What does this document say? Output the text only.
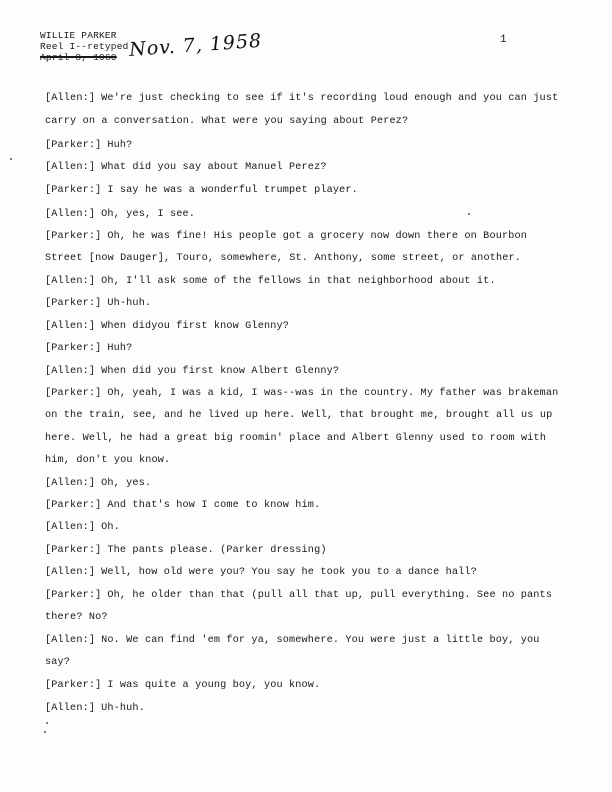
WILLIE PARKER
Reel I--retyped
April 8, 1960 Nov. 7, 1958	1
[Allen:] We're just checking to see if it's recording loud enough and you can just
carry on a conversation. What were you saying about Perez?
[Parker:] Huh?
[Allen:] What did you say about Manuel Perez?
[Parker:] I say he was a wonderful trumpet player.
[Allen:] Oh, yes, I see.
[Parker:] Oh, he was fine! His people got a grocery now down there on Bourbon
Street [now Dauger], Touro, somewhere, St. Anthony, some street, or another.
[Allen:] Oh, I'll ask some of the fellows in that neighborhood about it.
[Parker:] Uh-huh.
[Allen:] When didyou first know Glenny?
[Parker:] Huh?
[Allen:] When did you first know Albert Glenny?
[Parker:] Oh, yeah, I was a kid, I was--was in the country. My father was brakeman
on the train, see, and he lived up here. Well, that brought me, brought all us up
here. Well, he had a great big roomin' place and Albert Glenny used to room with
him, don't you know.
[Allen:] Oh, yes.
[Parker:] And that's how I come to know him.
[Allen:] Oh.
[Parker:] The pants please. (Parker dressing)
[Allen:] Well, how old were you? You say he took you to a dance hall?
[Parker:] Oh, he older than that (pull all that up, pull everything. See no pants
there? No?
[Allen:] No. We can find 'em for ya, somewhere. You were just a little boy, you
say?
[Parker:] I was quite a young boy, you know.
[Allen:] Uh-huh.
